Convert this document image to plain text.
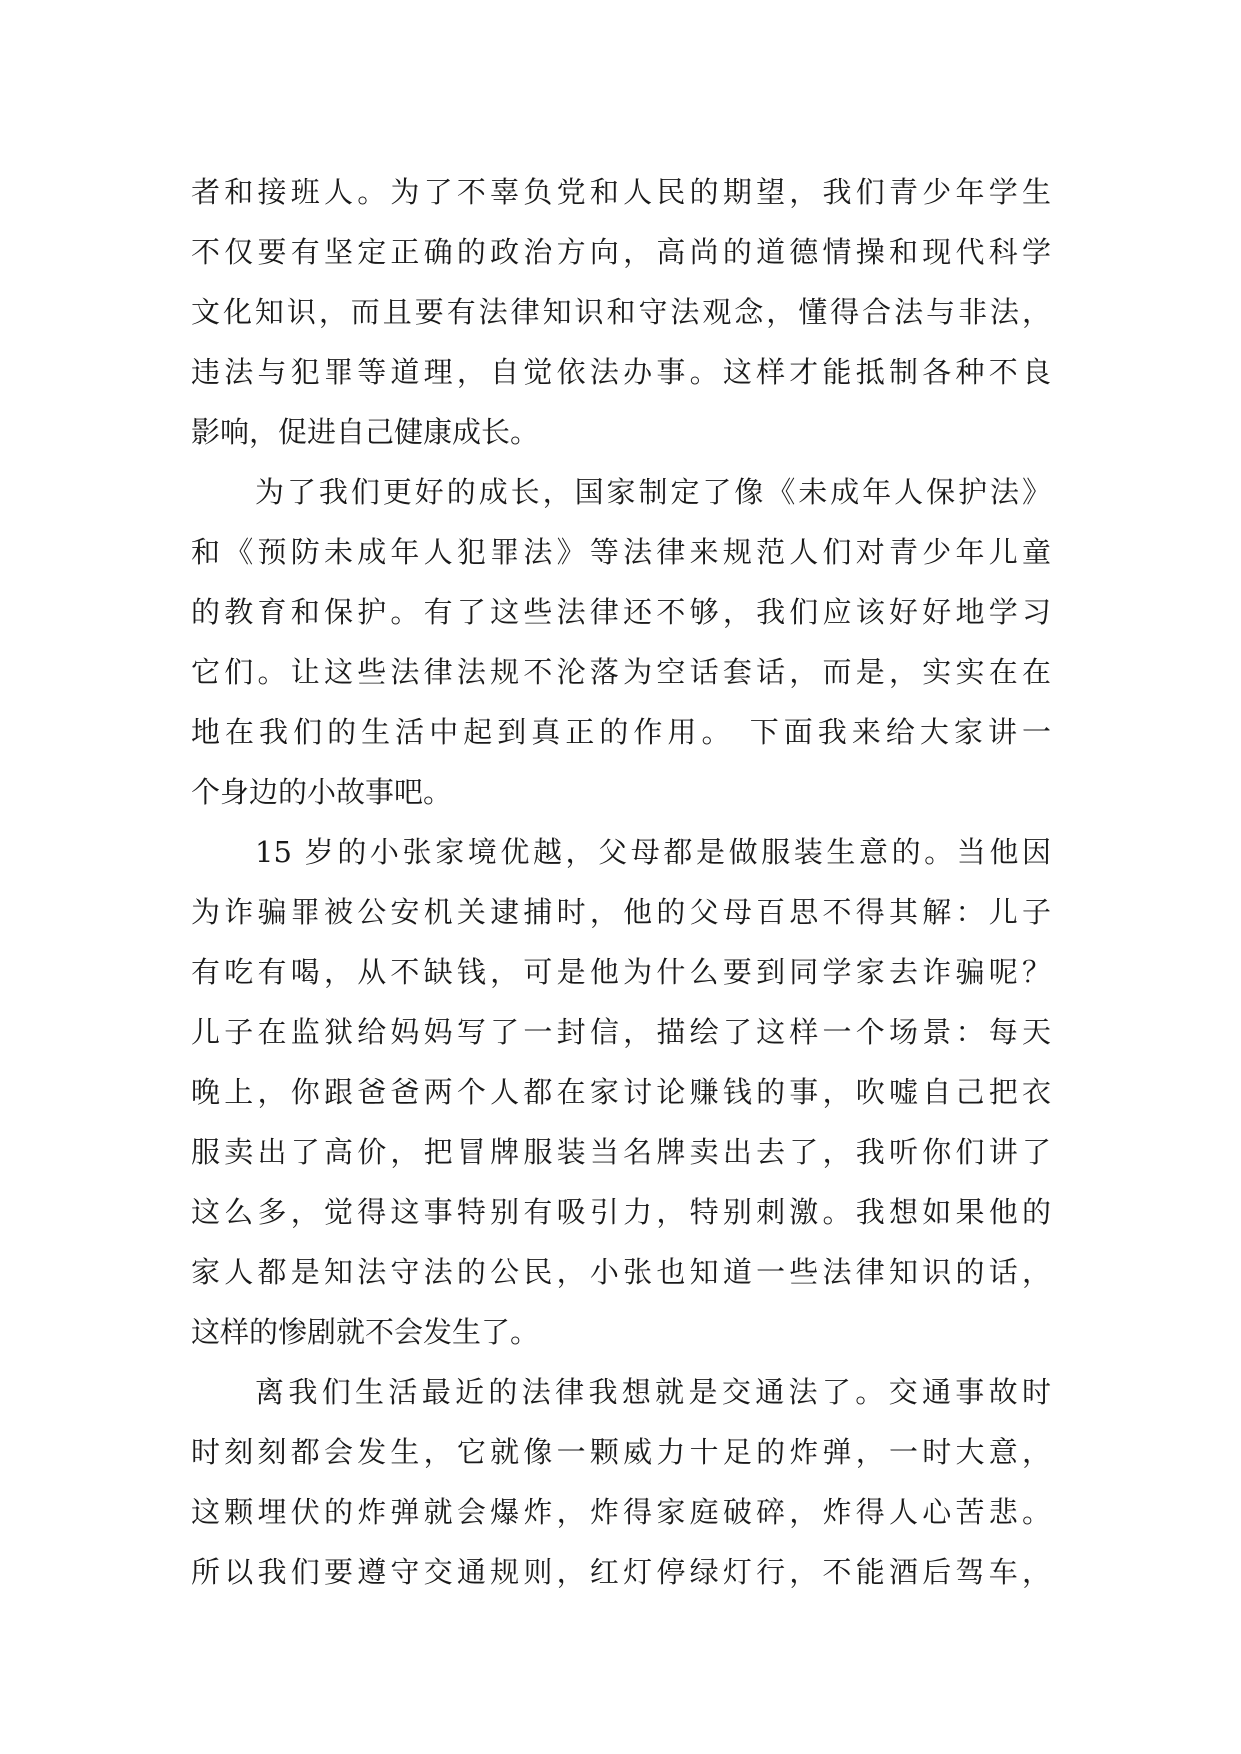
者和接班人。为了不辜负党和人民的期望，我们青少年学生
不仅要有坚定正确的政治方向，高尚的道德情操和现代科学
文化知识，而且要有法律知识和守法观念，懂得合法与非法，
违法与犯罪等道理，自觉依法办事。这样才能抵制各种不良
影响，促进自己健康成长。
为了我们更好的成长，国家制定了像《未成年人保护法》
和《预防未成年人犯罪法》等法律来规范人们对青少年儿童
的教育和保护。有了这些法律还不够，我们应该好好地学习
它们。让这些法律法规不沦落为空话套话，而是，实实在在
地在我们的生活中起到真正的作用。 下面我来给大家讲一
个身边的小故事吧。
15 岁的小张家境优越，父母都是做服装生意的。当他因
为诈骗罪被公安机关逮捕时，他的父母百思不得其解：儿子
有吃有喝，从不缺钱，可是他为什么要到同学家去诈骗呢？
儿子在监狱给妈妈写了一封信，描绘了这样一个场景：每天
晚上，你跟爸爸两个人都在家讨论赚钱的事，吹嘘自己把衣
服卖出了高价，把冒牌服装当名牌卖出去了，我听你们讲了
这么多，觉得这事特别有吸引力，特别刺激。我想如果他的
家人都是知法守法的公民，小张也知道一些法律知识的话，
这样的惨剧就不会发生了。
离我们生活最近的法律我想就是交通法了。交通事故时
时刻刻都会发生，它就像一颗威力十足的炸弹，一时大意，
这颗埋伏的炸弹就会爆炸，炸得家庭破碎，炸得人心苦悲。
所以我们要遵守交通规则，红灯停绿灯行，不能酒后驾车，
